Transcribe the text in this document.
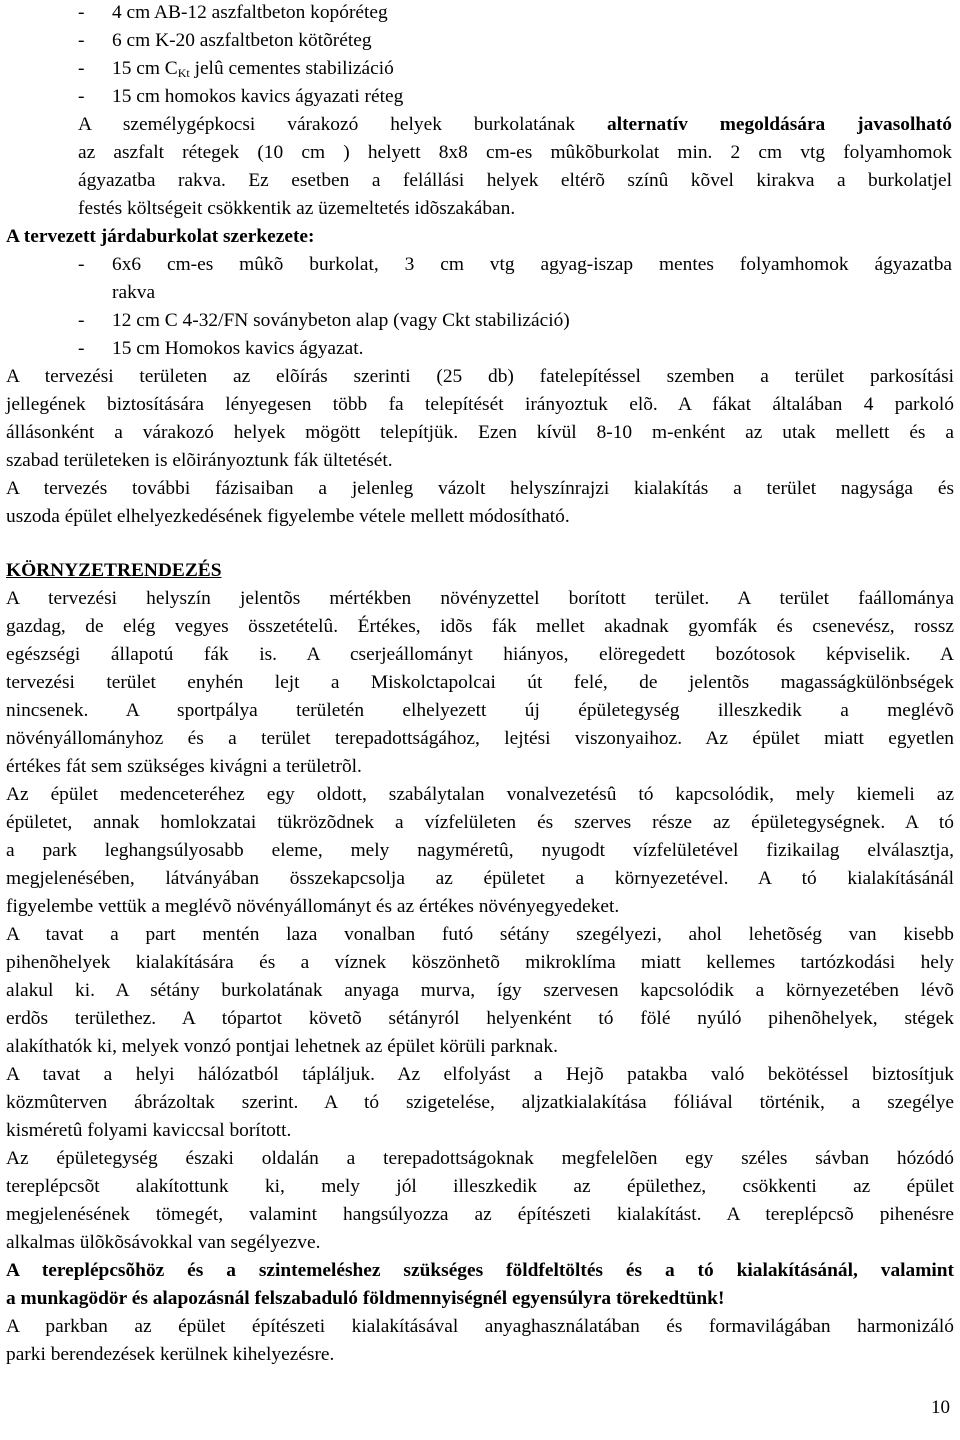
- 4 cm AB-12 aszfaltbeton kopóréteg
- 6 cm K-20 aszfaltbeton kötõréteg
- 15 cm $C_{Kt}$ jelû cementes stabilizáció
- 15 cm homokos kavics ágyazati réteg
A személygépkocsi várakozó helyek burkolatának alternatív megoldására javasolható
az aszfalt rétegek (10 cm ) helyett 8x8 cm-es mûkõburkolat min. 2 cm vtg folyamhomok
ágyazatba rakva. Ez esetben a felállási helyek eltérõ színû kõvel kirakva a burkolatjel
festés költségeit csökkentik az üzemeltetés idõszakában.
A tervezett járdaburkolat szerkezete:
- 6x6 cm-es mûkõ burkolat, 3 cm vtg agyag-iszap mentes folyamhomok ágyazatba
rakva
- 12 cm C 4-32/FN soványbeton alap (vagy Ckt stabilizáció)
- 15 cm Homokos kavics ágyazat.
A tervezési területen az elõírás szerinti (25 db) fatelepítéssel szemben a terület parkosítási
jellegének biztosítására lényegesen több fa telepítését irányoztuk elõ. A fákat általában 4 parkoló
állásonként a várakozó helyek mögött telepítjük. Ezen kívül 8-10 m-enként az utak mellett és a
szabad területeken is elõirányoztunk fák ültetését.
A tervezés további fázisaiban a jelenleg vázolt helyszínrajzi kialakítás a terület nagysága és
uszoda épület elhelyezkedésének figyelembe vétele mellett módosítható.
KÖRNYZETRENDEZÉS
A tervezési helyszín jelentõs mértékben növényzettel borított terület. A terület faállománya
gazdag, de elég vegyes összetételû. Értékes, idõs fák mellet akadnak gyomfák és csenevész, rossz
egészségi állapotú fák is. A cserjeállományt hiányos, elöregedett bozótosok képviselik. A
tervezési terület enyhén lejt a Miskolctapolcai út felé, de jelentõs magasságkülönbségek
nincsenek. A sportpálya területén elhelyezett új épületegység illeszkedik a meglévõ
növényállományhoz és a terület terepadottságához, lejtési viszonyaihoz. Az épület miatt egyetlen
értékes fát sem szükséges kivágni a területrõl.
Az épület medenceteréhez egy oldott, szabálytalan vonalvezetésû tó kapcsolódik, mely kiemeli az
épületet, annak homlokzatai tükrözõdnek a vízfelületen és szerves része az épületegységnek. A tó
a park leghangsúlyosabb eleme, mely nagyméretû, nyugodt vízfelületével fizikailag elválasztja,
megjelenésében, látványában összekapcsolja az épületet a környezetével. A tó kialakításánál
figyelembe vettük a meglévõ növényállományt és az értékes növényegyedeket.
A tavat a part mentén laza vonalban futó sétány szegélyezi, ahol lehetõség van kisebb
pihenõhelyek kialakítására és a víznek köszönhetõ mikroklíma miatt kellemes tartózkodási hely
alakul ki. A sétány burkolatának anyaga murva, így szervesen kapcsolódik a környezetében lévõ
erdõs területhez. A tópartot követõ sétányról helyenként tó fölé nyúló pihenõhelyek, stégek
alakíthatók ki, melyek vonzó pontjai lehetnek az épület körüli parknak.
A tavat a helyi hálózatból tápláljuk. Az elfolyást a Hejõ patakba való bekötéssel biztosítjuk
közmûterven ábrázoltak szerint. A tó szigetelése, aljzatkialakítása fóliával történik, a szegélye
kisméretû folyami kaviccsal borított.
Az épületegység északi oldalán a terepadottságoknak megfelelõen egy széles sávban hózódó
tereplépcsõt alakítottunk ki, mely jól illeszkedik az épülethez, csökkenti az épület
megjelenésének tömegét, valamint hangsúlyozza az építészeti kialakítást. A tereplépcsõ pihenésre
alkalmas ülõkõsávokkal van segélyezve.
A tereplépcsõhöz és a szintemeléshez szükséges földfeltöltés és a tó kialakításánál, valamint
a munkagödör és alapozásnál felszabaduló földmennyiségnél egyensúlyra törekedtünk!
A parkban az épület építészeti kialakításával anyaghasználatában és formavilágában harmonizáló
parki berendezések kerülnek kihelyezésre.
10
